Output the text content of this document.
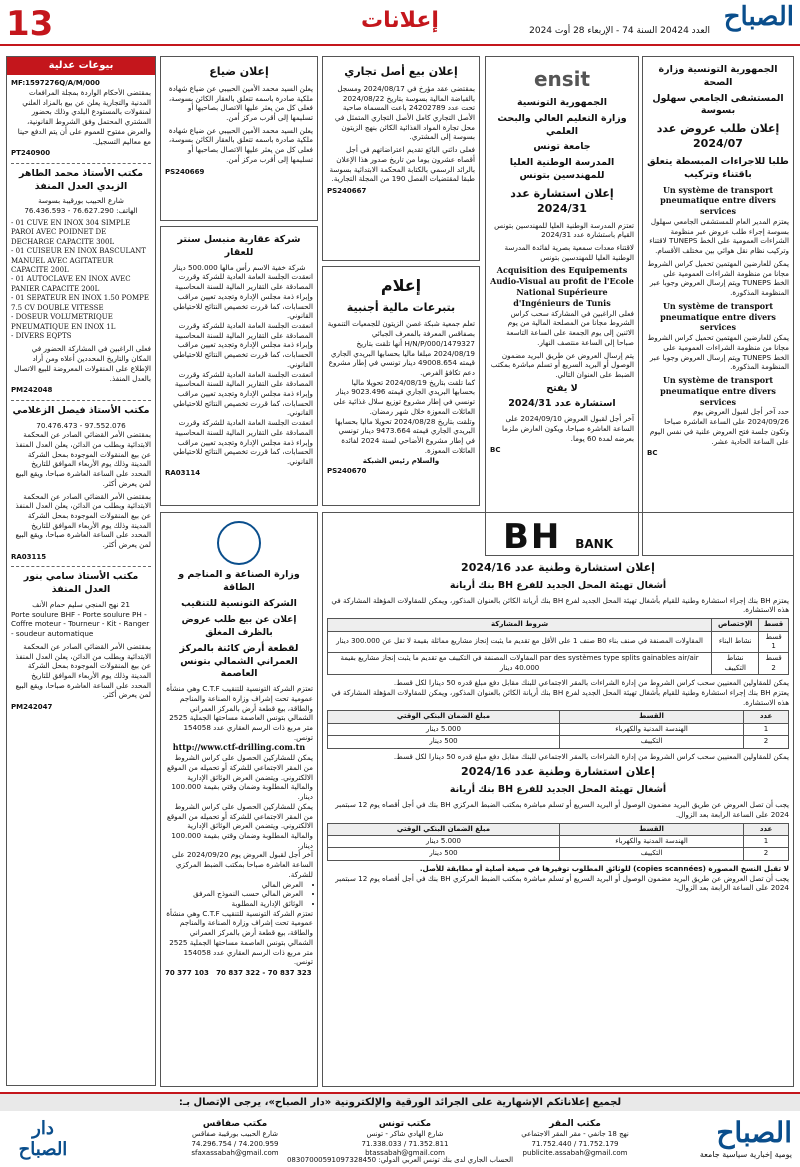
13	إعلانات	العدد 20424 السنة 74 - الإربعاء 28 أوت 2024 الصباح
بيوعات عدلية
MF:1597276Q/A/M/000

بمقتضى الأحكام الواردة بمجلة المرافعات المدنية والتجارية يعلن عن بيع بالمزاد العلني لمنقولات بالمستودع البلدي وذلك بحضور المشتري المحتمل وفق الشروط القانونية، والعرض مفتوح للعموم على أن يتم الدفع حينا مع معاليم التسجيل.

PT240900
مكتب الأستاذ محمد الطاهر الزيدي العدل المنفذ
شارع الحبيب بورقيبة بسوسة
الهاتف: 76.627.290 - 76.436.593
- 01 CUVE EN INOX 304 SIMPLE PAROI AVEC POIDNET DE DECHARGE CAPACITE 300L
- 01 CUISEUR EN INOX BASCULANT MANUEL AVEC AGITATEUR CAPACITE 200L
- 01 AUTOCLAVE EN INOX AVEC PANIER CAPACITE 200L
- 01 SEPATEUR EN INOX 1.50 POMPE 7.5 CV DOUBLE VITESSE
- DOSEUR VOLUMETRIQUE PNEUMATIQUE EN INOX 1L
- DIVERS EQPTS

فعلى الراغبين في المشاركة الحضور في المكان والتاريخ المحددين أعلاه ومن أراد الإطلاع على المنقولات المعروضة للبيع الاتصال بالعدل المنفذ.

PM242048
مكتب الأستاذ فيصل الزغلامي
97.552.076 - 70.476.473

بمقتضى الأمر القضائي الصادر عن المحكمة الابتدائية وبطلب من الدائن، يعلن العدل المنفذ عن بيع المنقولات الموجودة بمحل الشركة المدينة وذلك يوم الأربعاء الموافق للتاريخ المحدد على الساعة العاشرة صباحا، ويقع البيع لمن يعرض أكثر.

بمقتضى الأمر القضائي الصادر عن المحكمة الابتدائية وبطلب من الدائن، يعلن العدل المنفذ عن بيع المنقولات الموجودة بمحل الشركة المدينة وذلك يوم الأربعاء الموافق للتاريخ المحدد على الساعة العاشرة صباحا، ويقع البيع لمن يعرض أكثر.

RA03115
مكتب الأستاذ سامي بنور العدل المنفذ
21 نهج المنجي سليم حمام الأنف

Porte soulure BHF - Porte soulure PH - Coffre moteur - Tourneur - Kit - Ranger - soudeur automatique

بمقتضى الأمر القضائي الصادر عن المحكمة الابتدائية وبطلب من الدائن، يعلن العدل المنفذ عن بيع المنقولات الموجودة بمحل الشركة المدينة وذلك يوم الأربعاء الموافق للتاريخ المحدد على الساعة العاشرة صباحا، ويقع البيع لمن يعرض أكثر.

PM242047
الجمهورية التونسية وزارة الصحة
المستشفى الجامعي سهلول بسوسة
إعلان طلب عروض عدد 2024/07
طلبا للاجراءات المبسطة يتعلق باقتناء وتركيب
Un système de transport pneumatique entre divers services

يعتزم المدير العام للمستشفى الجامعي سهلول بسوسة إجراء طلب عروض عبر منظومة الشراءات العمومية على الخط TUNEPS لاقتناء وتركيب نظام نقل هوائي بين مختلف الأقسام.

يمكن للعارضين المهتمين تحميل كراس الشروط مجانا من منظومة الشراءات العمومية على الخط TUNEPS ويتم إرسال العروض وجوبا عبر المنظومة المذكورة.

Un système de transport pneumatique entre divers services

يمكن للعارضين المهتمين تحميل كراس الشروط مجانا من منظومة الشراءات العمومية على الخط TUNEPS ويتم إرسال العروض وجوبا عبر المنظومة المذكورة.

Un système de transport pneumatique entre divers services

حدد آخر أجل لقبول العروض يوم 2024/09/26 على الساعة العاشرة صباحا وتكون جلسة فتح العروض علنية في نفس اليوم على الساعة الحادية عشر.

BC
ensit
الجمهورية التونسية
وزارة التعليم العالي والبحث العلمي
جامعة تونس
المدرسة الوطنية العليا للمهندسين بتونس
إعلان استشارة عدد 2024/31

تعتزم المدرسة الوطنية العليا للمهندسين بتونس القيام باستشارة عدد 2024/31

لاقتناء معدات سمعية بصرية لفائدة المدرسة الوطنية العليا للمهندسين بتونس

Acquisition des Equipements Audio-Visual au profit de l'Ecole National Supérieure d'Ingénieurs de Tunis

فعلى الراغبين في المشاركة سحب كراس الشروط مجانا من المصلحة المالية من يوم الاثنين إلى يوم الجمعة على الساعة التاسعة صباحا إلى الساعة منتصف النهار.

يتم إرسال العروض عن طريق البريد مضمون الوصول أو البريد السريع أو تسلم مباشرة بمكتب الضبط على العنوان التالي.

لا يفتح
استشارة عدد 2024/31

آخر أجل لقبول العروض 2024/09/10 على الساعة العاشرة صباحا، ويكون العارض ملزما بعرضه لمدة 60 يوما.

BC
إعلان بيع أصل تجاري

بمقتضى عقد مؤرخ في 2024/08/17 ومسجل بالقباضة المالية بسوسة بتاريخ 2024/08/22 تحت عدد 24202789 باعت المسماة صاحبة الأصل التجاري كامل الأصل التجاري المتمثل في محل تجارة المواد الغذائية الكائن بنهج الزيتون بسوسة إلى المشتري.

فعلى دائني البائع تقديم اعتراضاتهم في أجل أقصاه عشرون يوما من تاريخ صدور هذا الإعلان بالرائد الرسمي بالكتابة المحكمة الابتدائية بسوسة طبقا لمقتضيات الفصل 190 من المجلة التجارية.

PS240667
إعلان ضياع

يعلن السيد محمد الأمين الحبيبي عن ضياع شهادة ملكية صادرة باسمه تتعلق بالعقار الكائن بسوسة، فعلى كل من يعثر عليها الاتصال بصاحبها أو تسليمها إلى أقرب مركز أمن.

يعلن السيد محمد الأمين الحبيبي عن ضياع شهادة ملكية صادرة باسمه تتعلق بالعقار الكائن بسوسة، فعلى كل من يعثر عليها الاتصال بصاحبها أو تسليمها إلى أقرب مركز أمن.

PS240669
شركة عقارية منبسل سنتر للعقار
شركة خفية الاسم رأس مالها 500.000 دينار

انعقدت الجلسة العامة العادية للشركة وقررت المصادقة على التقارير المالية للسنة المحاسبية وإبراء ذمة مجلس الإدارة وتجديد تعيين مراقب الحسابات، كما قررت تخصيص النتائج للاحتياطي القانوني.

انعقدت الجلسة العامة العادية للشركة وقررت المصادقة على التقارير المالية للسنة المحاسبية وإبراء ذمة مجلس الإدارة وتجديد تعيين مراقب الحسابات، كما قررت تخصيص النتائج للاحتياطي القانوني.

انعقدت الجلسة العامة العادية للشركة وقررت المصادقة على التقارير المالية للسنة المحاسبية وإبراء ذمة مجلس الإدارة وتجديد تعيين مراقب الحسابات، كما قررت تخصيص النتائج للاحتياطي القانوني.

انعقدت الجلسة العامة العادية للشركة وقررت المصادقة على التقارير المالية للسنة المحاسبية وإبراء ذمة مجلس الإدارة وتجديد تعيين مراقب الحسابات، كما قررت تخصيص النتائج للاحتياطي القانوني.

RA03114
إعلام
بتبرعات مالية أجنبية

تعلم جمعية شبكة غصن الزيتون للجمعيات التنموية بصفاقس المعرفة بالمعرف الجبائي 1479327/H/N/P/000 أنها تلقت بتاريخ 2024/08/19 مبلغا ماليا بحسابها البريدي الجاري قيمته 49008.654 دينار تونسي في إطار مشروع دعم تكافؤ الفرص.

كما تلقت بتاريخ 2024/08/19 تحويلا ماليا بحسابها البريدي الجاري قيمته 9023.496 دينار تونسي في إطار مشروع توزيع سلال غذائية على العائلات المعوزة خلال شهر رمضان.

وتلقت بتاريخ 2024/08/28 تحويلا ماليا بحسابها البريدي الجاري قيمته 9473.664 دينار تونسي في إطار مشروع الأضاحي لسنة 2024 لفائدة العائلات المعوزة.

والسلام رئيس الشبكة
PS240670
BH BANK
إعلان استشارة وطنية عدد 2024/16
أشغال تهيئة المحل الجديد للفرع BH بنك أريانة

يعتزم BH بنك إجراء استشارة وطنية للقيام بأشغال تهيئة المحل الجديد لفرع BH بنك أريانة الكائن بالعنوان المذكور، ويمكن للمقاولات المؤهلة المشاركة في هذه الاستشارة.

قسط	الإختصاص	شروط المشاركة
قسط 1	نشاط البناء	المقاولات المصنفة في صنف بناء B0 صنف 1 على الأقل مع تقديم ما يثبت إنجاز مشاريع مماثلة بقيمة لا تقل عن 300.000 دينار
قسط 2	نشاط التكييف	par des systèmes type splits gainables air/air المقاولات المصنفة في التكييف مع تقديم ما يثبت إنجاز مشاريع بقيمة 40.000 دينار

يمكن للمقاولين المعنيين سحب كراس الشروط من إدارة الشراءات بالمقر الاجتماعي للبنك مقابل دفع مبلغ قدره 50 دينارا لكل قسط.

يعتزم BH بنك إجراء استشارة وطنية للقيام بأشغال تهيئة المحل الجديد لفرع BH بنك أريانة الكائن بالعنوان المذكور، ويمكن للمقاولات المؤهلة المشاركة في هذه الاستشارة.

عدد	القسط	مبلغ الضمان البنكي الوقتي
1	الهندسة المدنية والكهرباء	5.000 دينار
2	التكييف	500 دينار

يمكن للمقاولين المعنيين سحب كراس الشروط من إدارة الشراءات بالمقر الاجتماعي للبنك مقابل دفع مبلغ قدره 50 دينارا لكل قسط.

إعلان استشارة وطنية عدد 2024/16
أشغال تهيئة المحل الجديد للفرع BH بنك أريانة

يجب أن تصل العروض عن طريق البريد مضمون الوصول أو البريد السريع أو تسلم مباشرة بمكتب الضبط المركزي BH بنك في أجل أقصاه يوم 12 سبتمبر 2024 على الساعة الرابعة بعد الزوال.

عدد	القسط	مبلغ الضمان البنكي الوقتي
1	الهندسة المدنية والكهرباء	5.000 دينار
2	التكييف	500 دينار

لا تقبل النسخ المصورة (copies scannées) للوثائق المطلوب توفيرها في صيغة أصلية أو مطابقة للأصل.

يجب أن تصل العروض عن طريق البريد مضمون الوصول أو البريد السريع أو تسلم مباشرة بمكتب الضبط المركزي BH بنك في أجل أقصاه يوم 12 سبتمبر 2024 على الساعة الرابعة بعد الزوال.

وزارة الصناعة و المناجم و الطاقة
الشركة التونسية للتنقيب
إعلان عن بيع طلب عروض بالظرف المغلق
لقطعة أرض كائنة بالمركز العمراني الشمالي بتونس العاصمة

تعتزم الشركة التونسية للتنقيب C.T.F وهي منشأة عمومية تحت إشراف وزارة الصناعة والمناجم والطاقة، بيع قطعة أرض بالمركز العمراني الشمالي بتونس العاصمة مساحتها الجملية 2525 متر مربع ذات الرسم العقاري عدد 154058 تونس.

http://www.ctf-drilling.com.tn

يمكن للمشاركين الحصول على كراس الشروط من المقر الاجتماعي للشركة أو تحميله من الموقع الالكتروني. ويتضمن العرض الوثائق الإدارية والمالية المطلوبة وضمان وقتي بقيمة 100.000 دينار.

يمكن للمشاركين الحصول على كراس الشروط من المقر الاجتماعي للشركة أو تحميله من الموقع الالكتروني. ويتضمن العرض الوثائق الإدارية والمالية المطلوبة وضمان وقتي بقيمة 100.000 دينار.

آخر أجل لقبول العروض يوم 2024/09/20 على الساعة العاشرة صباحا بمكتب الضبط المركزي للشركة.

• العرض المالي
• العرض المالي حسب النموذج المرفق
• الوثائق الإدارية المطلوبة

تعتزم الشركة التونسية للتنقيب C.T.F وهي منشأة عمومية تحت إشراف وزارة الصناعة والمناجم والطاقة، بيع قطعة أرض بالمركز العمراني الشمالي بتونس العاصمة مساحتها الجملية 2525 متر مربع ذات الرسم العقاري عدد 154058 تونس.

70 377 103 70 837 322 - 70 837 323
لجميع إعلاناتكم الإشهارية على الجرائد الورقية والإلكترونية «دار الصباح»، يرجى الإتصال بـ:
الصباح
يومية إخبارية سياسية جامعة
مكتب المقر
نهج 18 جانفي - مقر المقر الاجتماعي
71.752.179 / 71.752.440
publicite.assabah@gmail.com
مكتب تونس
شارع الهادي شاكر - تونس
71.352.811 / 71.338.033
btassabah@gmail.com
مكتب صفاقس
شارع الحبيب بورقيبة صفاقس
74.200.959 / 74.296.754
sfaxassabah@gmail.com
دار الصباح	الحساب الجاري لدى بنك تونس العربي الدولي: 08307000591097328450
